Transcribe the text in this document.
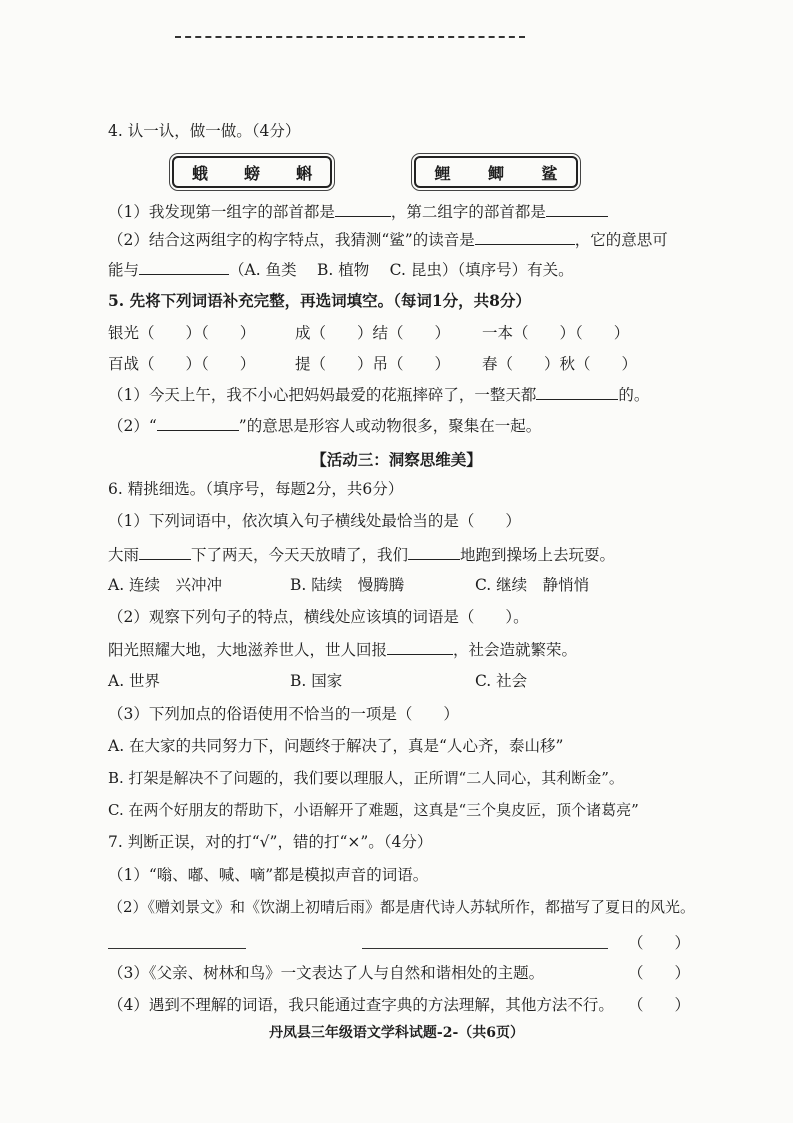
4. 认一认，做一做。（4分）
蛾 螃 蝌	鲤 鲫 鲨
（1）我发现第一组字的部首都是	，第二组字的部首都是
（2）结合这两组字的构字特点，我猜测“鲨”的读音是	，它的意思可
能与	（A. 鱼类　 B. 植物　 C. 昆虫）（填序号）有关。
5. 先将下列词语补充完整，再选词填空。（每词1分，共8分）
银光（　　）（　　）	成（　　）结（　　） 一本（　　）（　　）
百战（　　）（　　）	提（　　）吊（　　） 春（　　）秋（　　）
（1）今天上午，我不小心把妈妈最爱的花瓶摔碎了，一整天都	的。
（2）“	”的意思是形容人或动物很多，聚集在一起。
【活动三：洞察思维美】
6. 精挑细选。（填序号，每题2分，共6分）
（1）下列词语中，依次填入句子横线处最恰当的是（　　）
大雨	下了两天，今天天放晴了，我们	地跑到操场上去玩耍。
A. 连续　兴冲冲	B. 陆续　慢腾腾	C. 继续　静悄悄
（2）观察下列句子的特点，横线处应该填的词语是（　　）。
阳光照耀大地，大地滋养世人，世人回报	，社会造就繁荣。
A. 世界	B. 国家	C. 社会
（3）下列加点的俗语使用不恰当的一项是（　　）
A. 在大家的共同努力下，问题终于解决了，真是“人心齐，泰山移”
B. 打架是解决不了问题的，我们要以理服人，正所谓“二人同心，其利断金”。
C. 在两个好朋友的帮助下，小语解开了难题，这真是“三个臭皮匠，顶个诸葛亮”
7. 判断正误，对的打“√”，错的打“×”。（4分）
（1）“嗡、嘟、喊、嘀”都是模拟声音的词语。
（2）《赠刘景文》和《饮湖上初晴后雨》都是唐代诗人苏轼所作，都描写了夏日的风光。
（　　）
（3）《父亲、树林和鸟》一文表达了人与自然和谐相处的主题。	（　　）
（4）遇到不理解的词语，我只能通过查字典的方法理解，其他方法不行。 （　　）
丹凤县三年级语文学科试题-2-（共6页）
